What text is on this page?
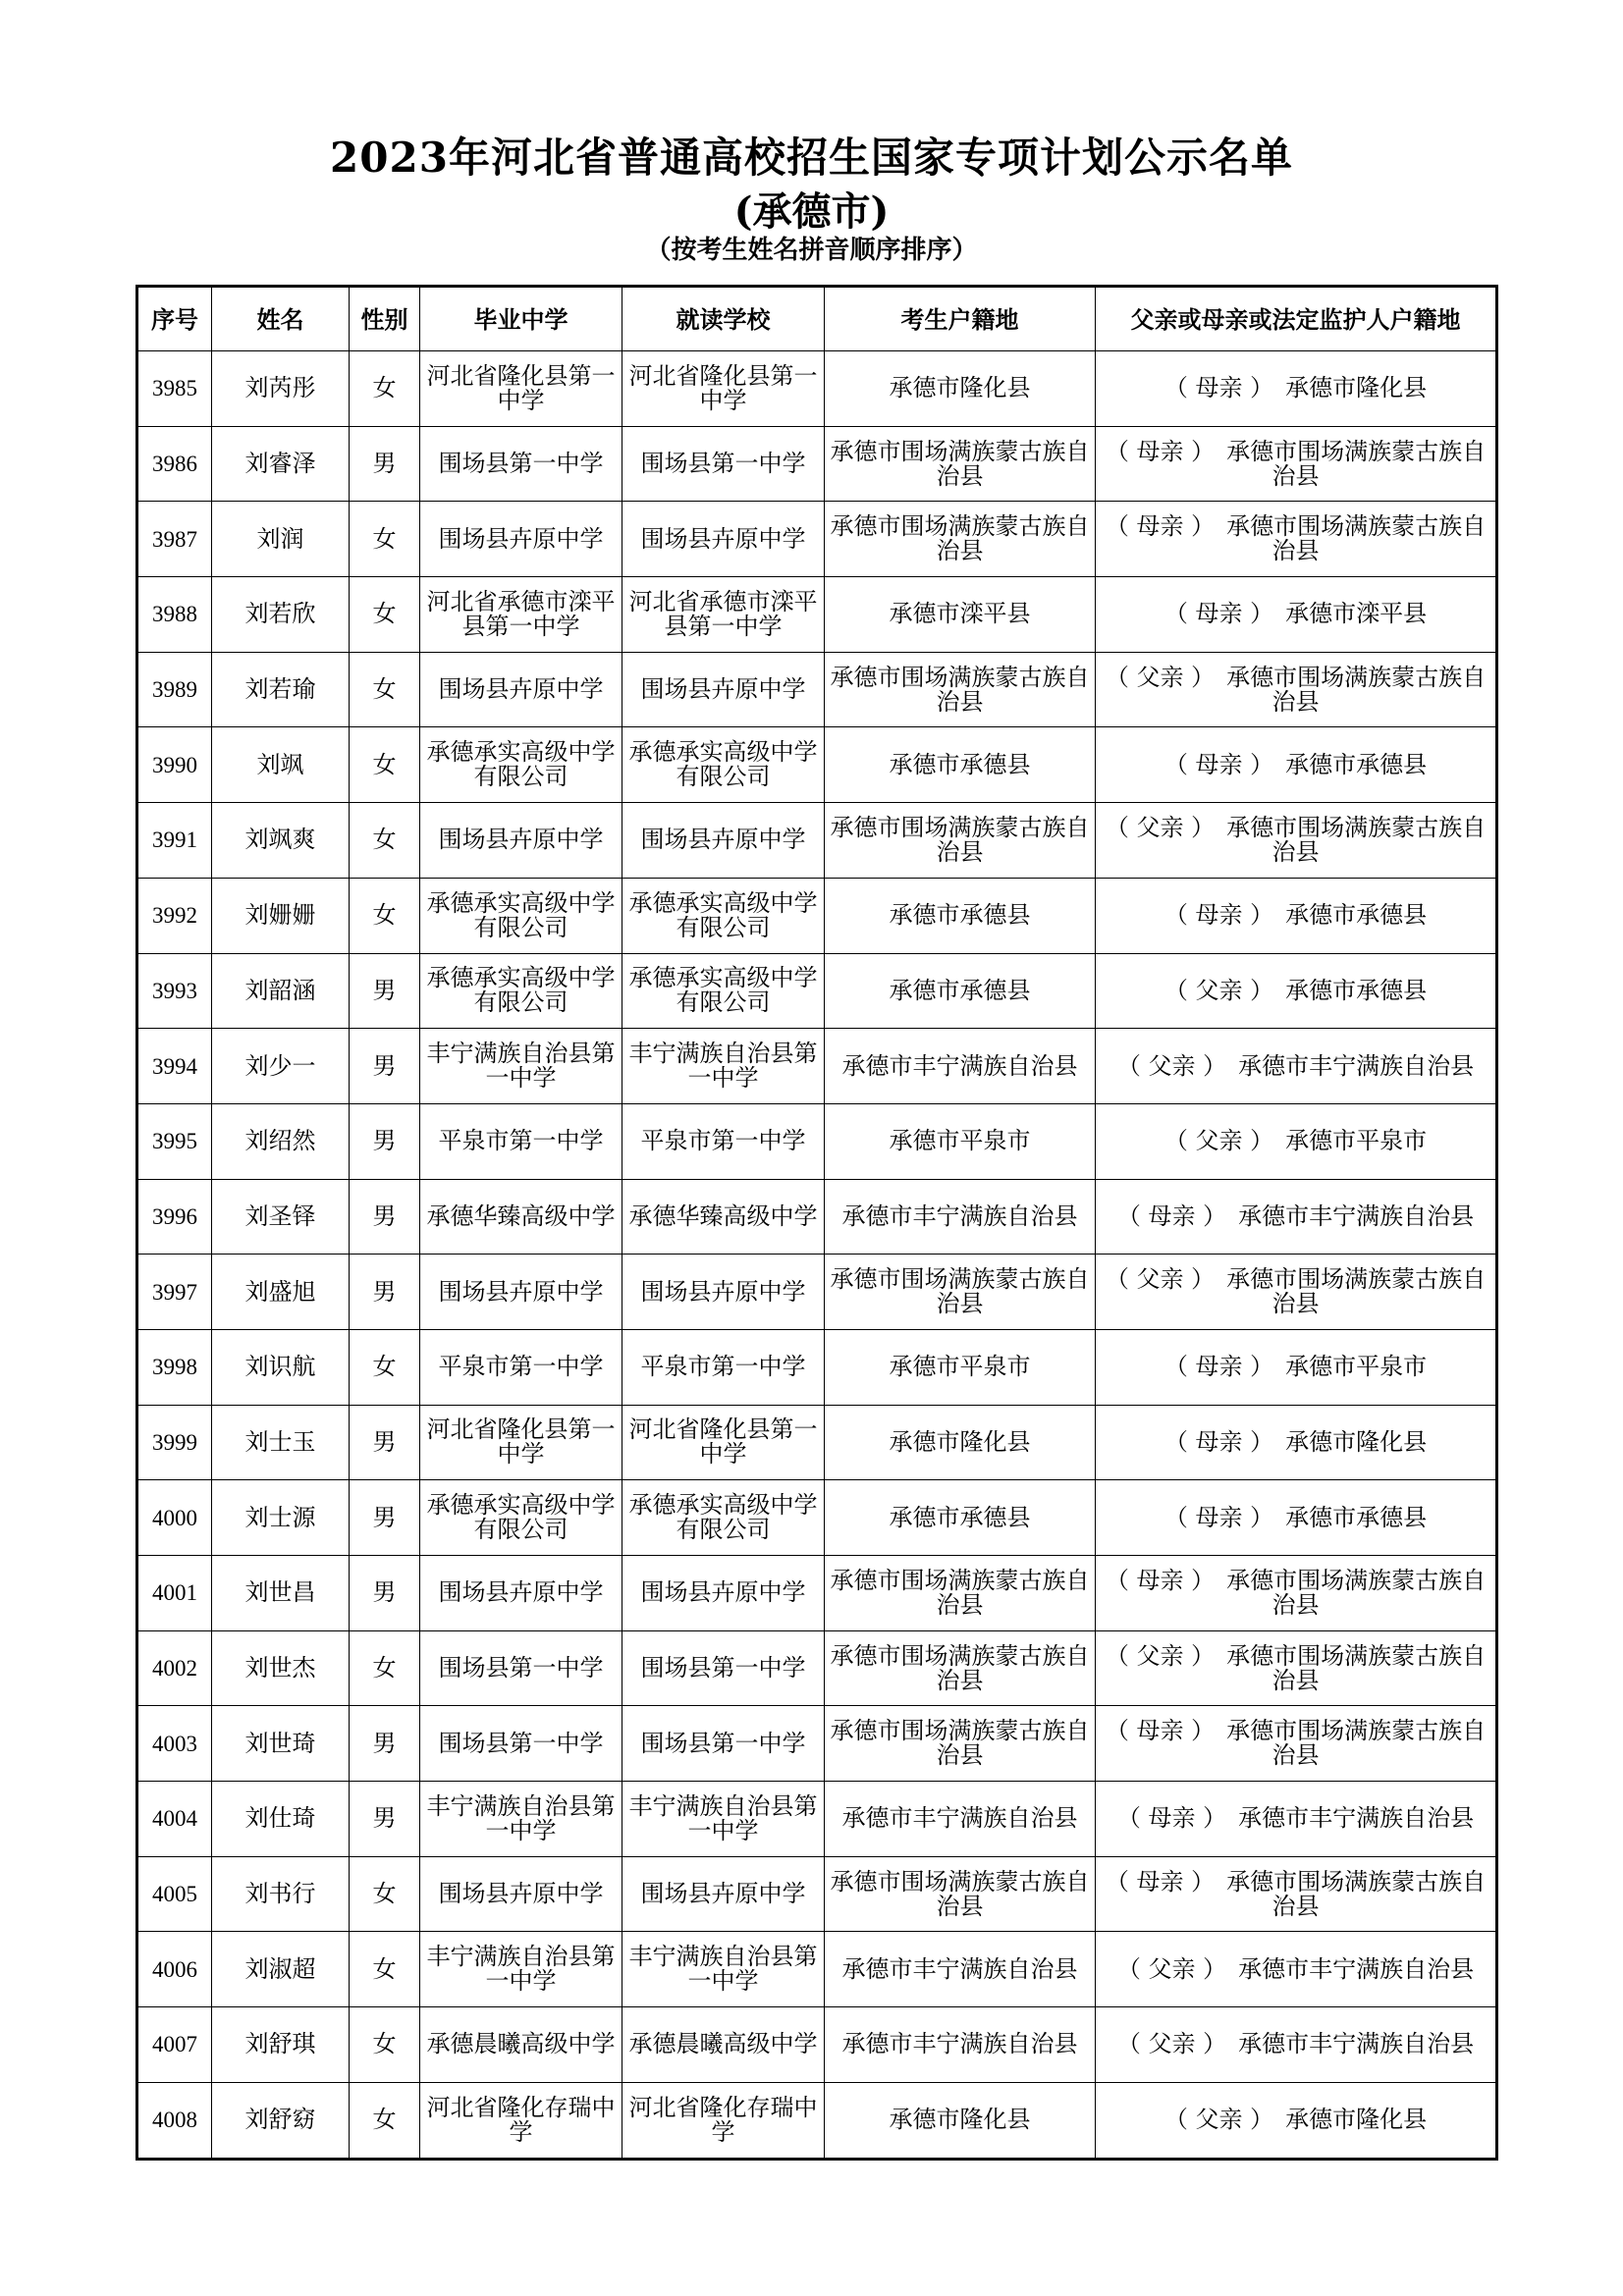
2023年河北省普通高校招生国家专项计划公示名单
(承德市)
（按考生姓名拼音顺序排序）
序号	姓名	性别	毕业中学	就读学校	考生户籍地	父亲或母亲或法定监护人户籍地
3985	刘芮彤	女	河北省隆化县第一中学	河北省隆化县第一中学	承德市隆化县	（ 母亲 ） 承德市隆化县
3986	刘睿泽	男	围场县第一中学	围场县第一中学	承德市围场满族蒙古族自治县	（ 母亲 ） 承德市围场满族蒙古族自治县
3987	刘润	女	围场县卉原中学	围场县卉原中学	承德市围场满族蒙古族自治县	（ 母亲 ） 承德市围场满族蒙古族自治县
3988	刘若欣	女	河北省承德市滦平县第一中学	河北省承德市滦平县第一中学	承德市滦平县	（ 母亲 ） 承德市滦平县
3989	刘若瑜	女	围场县卉原中学	围场县卉原中学	承德市围场满族蒙古族自治县	（ 父亲 ） 承德市围场满族蒙古族自治县
3990	刘飒	女	承德承实高级中学有限公司	承德承实高级中学有限公司	承德市承德县	（ 母亲 ） 承德市承德县
3991	刘飒爽	女	围场县卉原中学	围场县卉原中学	承德市围场满族蒙古族自治县	（ 父亲 ） 承德市围场满族蒙古族自治县
3992	刘姗姗	女	承德承实高级中学有限公司	承德承实高级中学有限公司	承德市承德县	（ 母亲 ） 承德市承德县
3993	刘韶涵	男	承德承实高级中学有限公司	承德承实高级中学有限公司	承德市承德县	（ 父亲 ） 承德市承德县
3994	刘少一	男	丰宁满族自治县第一中学	丰宁满族自治县第一中学	承德市丰宁满族自治县	（ 父亲 ） 承德市丰宁满族自治县
3995	刘绍然	男	平泉市第一中学	平泉市第一中学	承德市平泉市	（ 父亲 ） 承德市平泉市
3996	刘圣铎	男	承德华臻高级中学	承德华臻高级中学	承德市丰宁满族自治县	（ 母亲 ） 承德市丰宁满族自治县
3997	刘盛旭	男	围场县卉原中学	围场县卉原中学	承德市围场满族蒙古族自治县	（ 父亲 ） 承德市围场满族蒙古族自治县
3998	刘识航	女	平泉市第一中学	平泉市第一中学	承德市平泉市	（ 母亲 ） 承德市平泉市
3999	刘士玉	男	河北省隆化县第一中学	河北省隆化县第一中学	承德市隆化县	（ 母亲 ） 承德市隆化县
4000	刘士源	男	承德承实高级中学有限公司	承德承实高级中学有限公司	承德市承德县	（ 母亲 ） 承德市承德县
4001	刘世昌	男	围场县卉原中学	围场县卉原中学	承德市围场满族蒙古族自治县	（ 母亲 ） 承德市围场满族蒙古族自治县
4002	刘世杰	女	围场县第一中学	围场县第一中学	承德市围场满族蒙古族自治县	（ 父亲 ） 承德市围场满族蒙古族自治县
4003	刘世琦	男	围场县第一中学	围场县第一中学	承德市围场满族蒙古族自治县	（ 母亲 ） 承德市围场满族蒙古族自治县
4004	刘仕琦	男	丰宁满族自治县第一中学	丰宁满族自治县第一中学	承德市丰宁满族自治县	（ 母亲 ） 承德市丰宁满族自治县
4005	刘书行	女	围场县卉原中学	围场县卉原中学	承德市围场满族蒙古族自治县	（ 母亲 ） 承德市围场满族蒙古族自治县
4006	刘淑超	女	丰宁满族自治县第一中学	丰宁满族自治县第一中学	承德市丰宁满族自治县	（ 父亲 ） 承德市丰宁满族自治县
4007	刘舒琪	女	承德晨曦高级中学	承德晨曦高级中学	承德市丰宁满族自治县	（ 父亲 ） 承德市丰宁满族自治县
4008	刘舒窈	女	河北省隆化存瑞中学	河北省隆化存瑞中学	承德市隆化县	（ 父亲 ） 承德市隆化县
